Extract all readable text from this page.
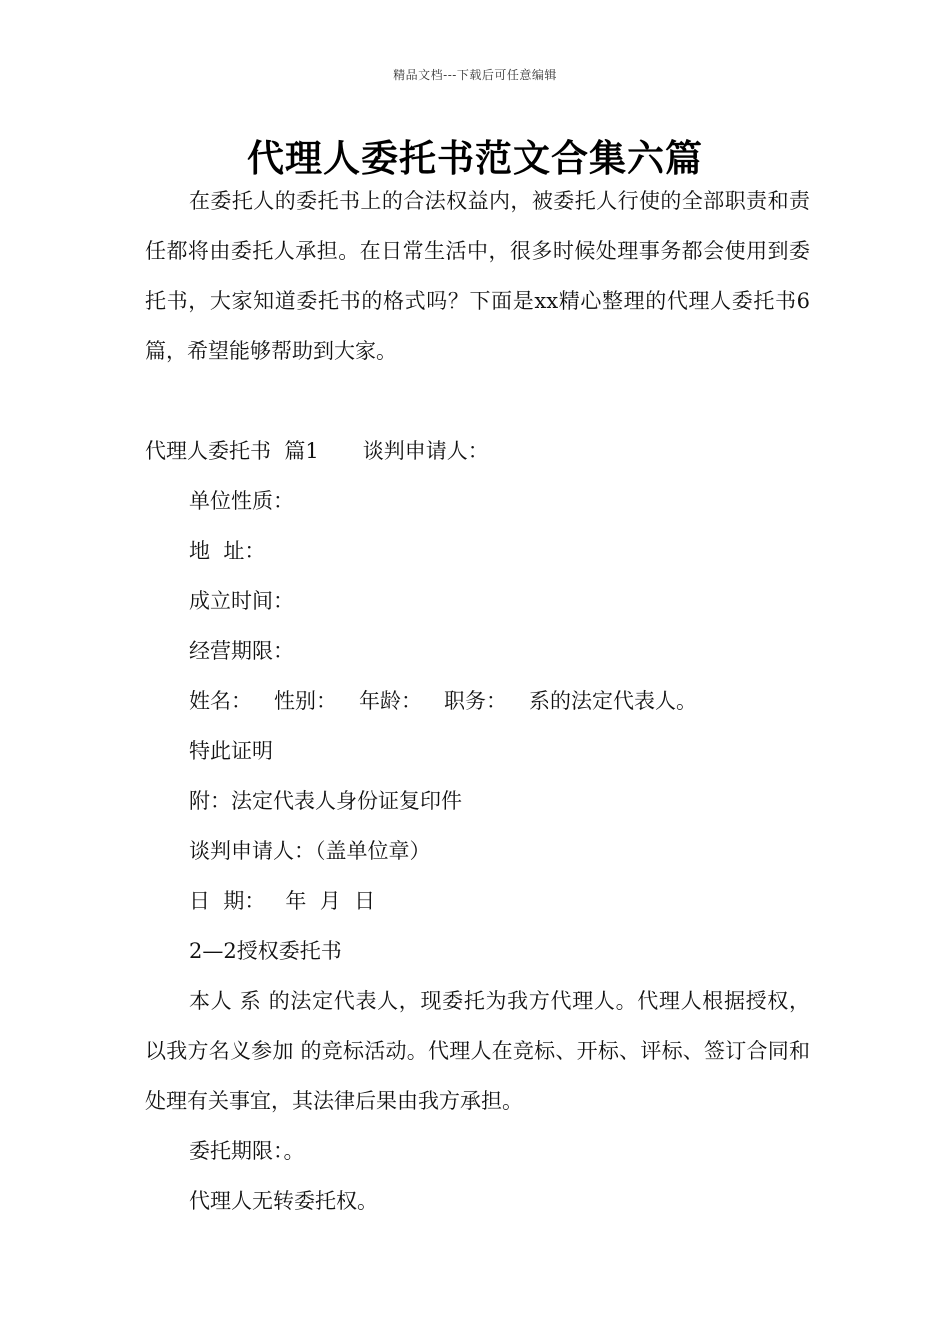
精品文档---下载后可任意编辑
代理人委托书范文合集六篇

在委托人的委托书上的合法权益内，被委托人行使的全部职责和责任都将由委托人承担。在日常生活中，很多时候处理事务都会使用到委托书，大家知道委托书的格式吗？下面是xx精心整理的代理人委托书6篇，希望能够帮助到大家。

代理人委托书  篇1 谈判申请人：
单位性质：
地  址：
成立时间：
经营期限：
姓名： 性别： 年龄： 职务： 系的法定代表人。
特此证明
附：法定代表人身份证复印件
谈判申请人：（盖单位章）
日  期：   年  月  日
2—2授权委托书

本人 系 的法定代表人，现委托为我方代理人。代理人根据授权，以我方名义参加 的竞标活动。代理人在竞标、开标、评标、签订合同和处理有关事宜，其法律后果由我方承担。

委托期限：。
代理人无转委托权。
